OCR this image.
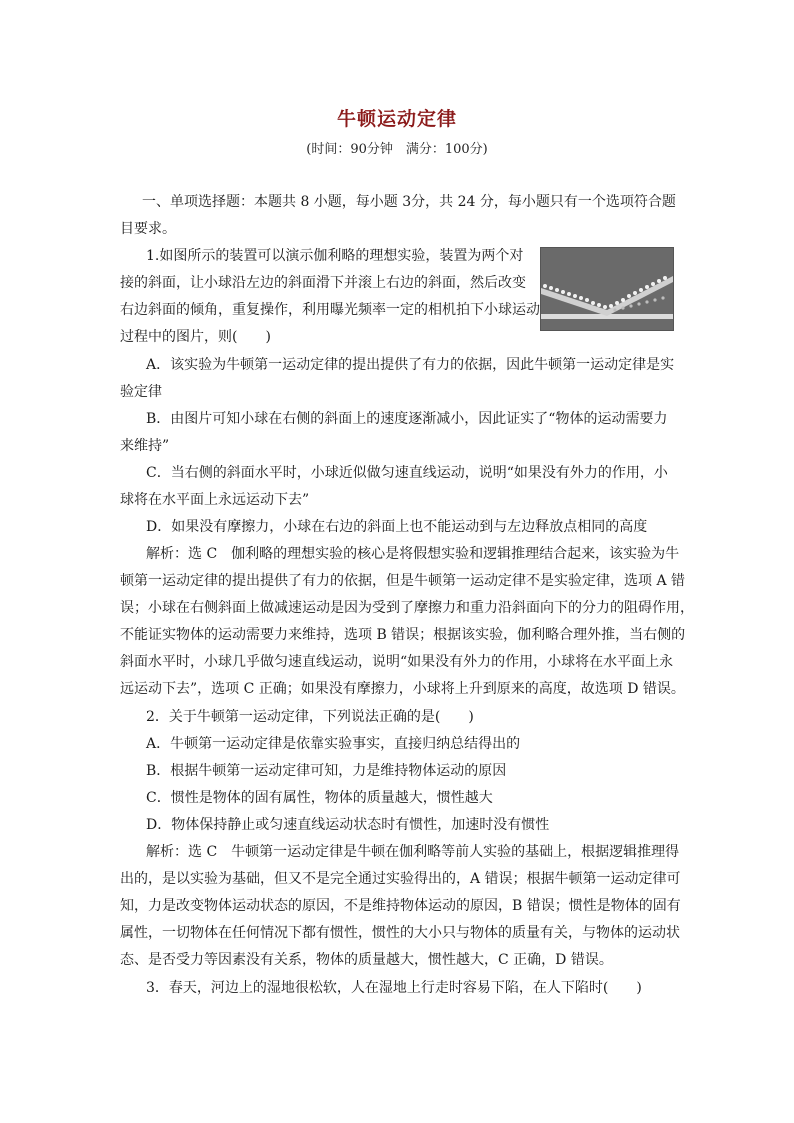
牛顿运动定律
(时间：90分钟　满分：100分)
一、单项选择题：本题共 8 小题，每小题 3分，共 24 分，每小题只有一个选项符合题
目要求。
1.如图所示的装置可以演示伽利略的理想实验，装置为两个对
接的斜面，让小球沿左边的斜面滑下并滚上右边的斜面，然后改变
右边斜面的倾角，重复操作，利用曝光频率一定的相机拍下小球运动
过程中的图片，则(　　)
A．该实验为牛顿第一运动定律的提出提供了有力的依据，因此牛顿第一运动定律是实
验定律
B．由图片可知小球在右侧的斜面上的速度逐渐减小，因此证实了“物体的运动需要力
来维持”
C．当右侧的斜面水平时，小球近似做匀速直线运动，说明“如果没有外力的作用，小
球将在水平面上永远运动下去”
D．如果没有摩擦力，小球在右边的斜面上也不能运动到与左边释放点相同的高度
解析：选 C　伽利略的理想实验的核心是将假想实验和逻辑推理结合起来，该实验为牛
顿第一运动定律的提出提供了有力的依据，但是牛顿第一运动定律不是实验定律，选项 A 错
误；小球在右侧斜面上做减速运动是因为受到了摩擦力和重力沿斜面向下的分力的阻碍作用，
不能证实物体的运动需要力来维持，选项 B 错误；根据该实验，伽利略合理外推，当右侧的
斜面水平时，小球几乎做匀速直线运动，说明“如果没有外力的作用，小球将在水平面上永
远运动下去”，选项 C 正确；如果没有摩擦力，小球将上升到原来的高度，故选项 D 错误。
2．关于牛顿第一运动定律，下列说法正确的是(　　)
A．牛顿第一运动定律是依靠实验事实，直接归纳总结得出的
B．根据牛顿第一运动定律可知，力是维持物体运动的原因
C．惯性是物体的固有属性，物体的质量越大，惯性越大
D．物体保持静止或匀速直线运动状态时有惯性，加速时没有惯性
解析：选 C　牛顿第一运动定律是牛顿在伽利略等前人实验的基础上，根据逻辑推理得
出的，是以实验为基础，但又不是完全通过实验得出的，A 错误；根据牛顿第一运动定律可
知，力是改变物体运动状态的原因，不是维持物体运动的原因，B 错误；惯性是物体的固有
属性，一切物体在任何情况下都有惯性，惯性的大小只与物体的质量有关，与物体的运动状
态、是否受力等因素没有关系，物体的质量越大，惯性越大，C 正确，D 错误。
3．春天，河边上的湿地很松软，人在湿地上行走时容易下陷，在人下陷时(　　)
